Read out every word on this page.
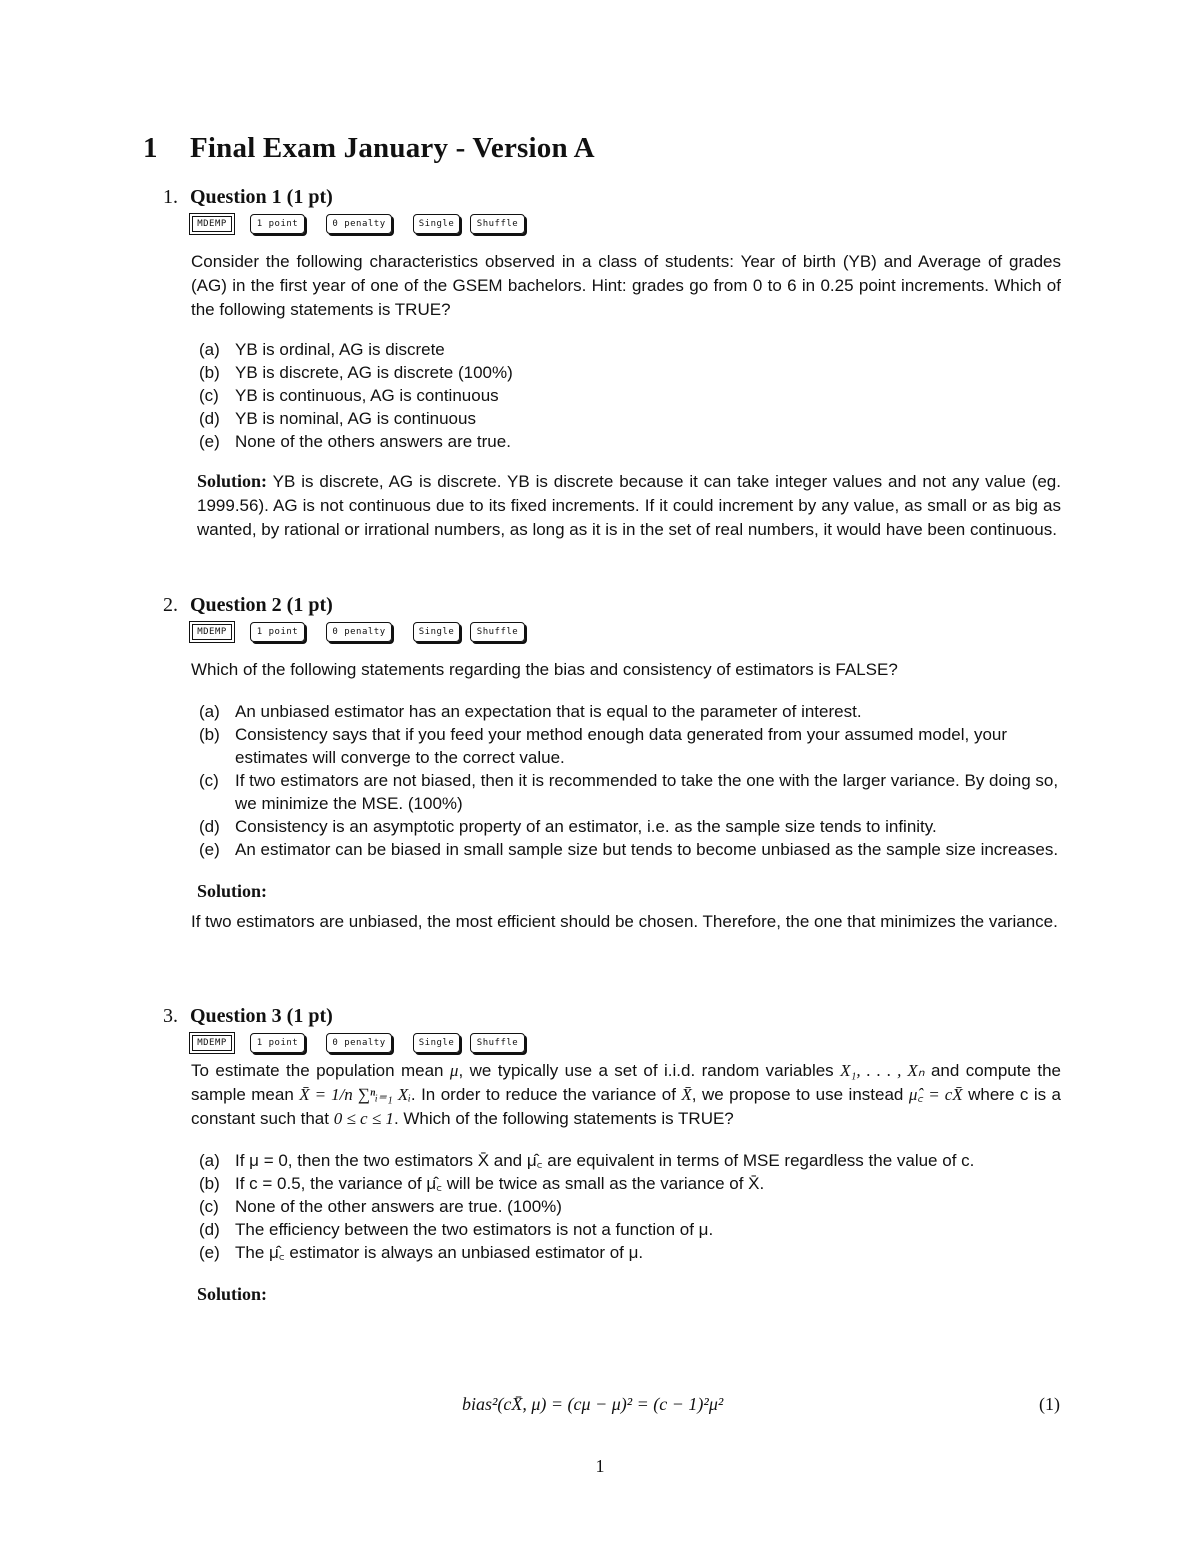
1 Final Exam January - Version A
1. Question 1 (1 pt)
MDEMP	1 point	0 penalty	Single	Shuffle
Consider the following characteristics observed in a class of students: Year of birth (YB) and Average of grades (AG) in the first year of one of the GSEM bachelors. Hint: grades go from 0 to 6 in 0.25 point increments. Which of the following statements is TRUE?
(a) YB is ordinal, AG is discrete
(b) YB is discrete, AG is discrete (100%)
(c) YB is continuous, AG is continuous
(d) YB is nominal, AG is continuous
(e) None of the others answers are true.
Solution: YB is discrete, AG is discrete. YB is discrete because it can take integer values and not any value (eg. 1999.56). AG is not continuous due to its fixed increments. If it could increment by any value, as small or as big as wanted, by rational or irrational numbers, as long as it is in the set of real numbers, it would have been continuous.
2. Question 2 (1 pt)
MDEMP	1 point	0 penalty	Single	Shuffle
Which of the following statements regarding the bias and consistency of estimators is FALSE?
(a) An unbiased estimator has an expectation that is equal to the parameter of interest.
(b) Consistency says that if you feed your method enough data generated from your assumed model, your estimates will converge to the correct value.
(c) If two estimators are not biased, then it is recommended to take the one with the larger variance. By doing so, we minimize the MSE. (100%)
(d) Consistency is an asymptotic property of an estimator, i.e. as the sample size tends to infinity.
(e) An estimator can be biased in small sample size but tends to become unbiased as the sample size increases.
Solution:
If two estimators are unbiased, the most efficient should be chosen. Therefore, the one that minimizes the variance.
3. Question 3 (1 pt)
MDEMP	1 point	0 penalty	Single	Shuffle
To estimate the population mean μ, we typically use a set of i.i.d. random variables X₁, . . . , Xₙ and compute the sample mean X̄ = 1/n ∑ⁿᵢ₌₁ Xᵢ. In order to reduce the variance of X̄, we propose to use instead μ̂꜀ = cX̄ where c is a constant such that 0 ≤ c ≤ 1. Which of the following statements is TRUE?
(a) If μ = 0, then the two estimators X̄ and μ̂꜀ are equivalent in terms of MSE regardless the value of c.
(b) If c = 0.5, the variance of μ̂꜀ will be twice as small as the variance of X̄.
(c) None of the other answers are true. (100%)
(d) The efficiency between the two estimators is not a function of μ.
(e) The μ̂꜀ estimator is always an unbiased estimator of μ.
Solution:
bias²(cX̄, μ) = (cμ − μ)² = (c − 1)²μ²	(1)
1
